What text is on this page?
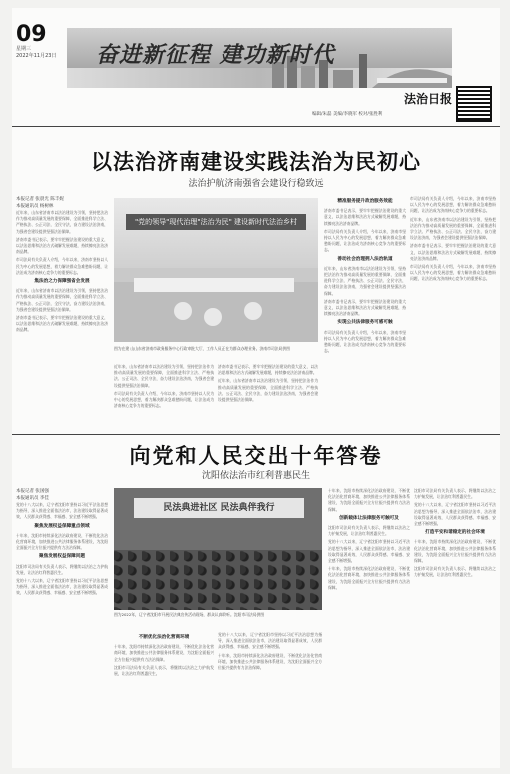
09
星期三
2022年11月23日 奋进新征程 建功新时代
编辑/朱磊 美编/李晓军 校对/张胜利
法治日报
以法治济南建设实践法治为民初心
法治护航济南强省会建设行稳致远
本报记者 张晨光 陈丰妮
本报通讯员 杨树林

近年来，山东省济南市以法治建设为引领，坚持把法治作为推动高质量发展的重要保障，全面推进科学立法、严格执法、公正司法、全民守法，奋力建设法治济南，为强省会建设提供坚强法治保障。

济南市委书记表示，要牢牢把握法治建设的重大意义，以法治思维和法治方式破解发展难题，持续擦亮法治济南品牌。

市司法局有关负责人介绍，今年以来，济南市坚持以人民为中心的发展思想，着力解决群众急难愁盼问题，让法治成为济南核心竞争力的重要标志。

集法治之力保障强省会发展

近年来，山东省济南市以法治建设为引领，坚持把法治作为推动高质量发展的重要保障，全面推进科学立法、严格执法、公正司法、全民守法，奋力建设法治济南，为强省会建设提供坚强法治保障。

济南市委书记表示，要牢牢把握法治建设的重大意义，以法治思维和法治方式破解发展难题，持续擦亮法治济南品牌。

"党的领导"现代治理"法治为民" 建设新时代法治乡村
图为在建 山山东省济南市政务服务中心行政审批大厅，工作人员正在为群众办理业务。济南市司法局供图

近年来，山东省济南市以法治建设为引领，坚持把法治作为推动高质量发展的重要保障，全面推进科学立法、严格执法、公正司法、全民守法，奋力建设法治济南，为强省会建设提供坚强法治保障。

市司法局有关负责人介绍，今年以来，济南市坚持以人民为中心的发展思想，着力解决群众急难愁盼问题，让法治成为济南核心竞争力的重要标志。

济南市委书记表示，要牢牢把握法治建设的重大意义，以法治思维和法治方式破解发展难题，持续擦亮法治济南品牌。

近年来，山东省济南市以法治建设为引领，坚持把法治作为推动高质量发展的重要保障，全面推进科学立法、严格执法、公正司法、全民守法，奋力建设法治济南，为强省会建设提供坚强法治保障。

精准服务提升政治服务效能

济南市委书记表示，要牢牢把握法治建设的重大意义，以法治思维和法治方式破解发展难题，持续擦亮法治济南品牌。

市司法局有关负责人介绍，今年以来，济南市坚持以人民为中心的发展思想，着力解决群众急难愁盼问题，让法治成为济南核心竞争力的重要标志。

善动社会治理拥入法治轨道

近年来，山东省济南市以法治建设为引领，坚持把法治作为推动高质量发展的重要保障，全面推进科学立法、严格执法、公正司法、全民守法，奋力建设法治济南，为强省会建设提供坚强法治保障。

济南市委书记表示，要牢牢把握法治建设的重大意义，以法治思维和法治方式破解发展难题，持续擦亮法治济南品牌。

实现公共法律服务可感可触

市司法局有关负责人介绍，今年以来，济南市坚持以人民为中心的发展思想，着力解决群众急难愁盼问题，让法治成为济南核心竞争力的重要标志。

市司法局有关负责人介绍，今年以来，济南市坚持以人民为中心的发展思想，着力解决群众急难愁盼问题，让法治成为济南核心竞争力的重要标志。

近年来，山东省济南市以法治建设为引领，坚持把法治作为推动高质量发展的重要保障，全面推进科学立法、严格执法、公正司法、全民守法，奋力建设法治济南，为强省会建设提供坚强法治保障。

济南市委书记表示，要牢牢把握法治建设的重大意义，以法治思维和法治方式破解发展难题，持续擦亮法治济南品牌。

市司法局有关负责人介绍，今年以来，济南市坚持以人民为中心的发展思想，着力解决群众急难愁盼问题，让法治成为济南核心竞争力的重要标志。

向党和人民交出十年答卷
沈阳依法治市红利普惠民生
本报记者 张国强
本报通讯员 李佳

党的十八大以来，辽宁省沈阳市坚持以习近平法治思想为指导，深入推进全面依法治市，法治建设取得显著成效，人民群众获得感、幸福感、安全感不断增强。

聚焦发展权益保障重点领域

十年来，沈阳市持续深化法治政府建设，不断优化法治化营商环境，加快推进公共法律服务体系建设，为沈阳全面振兴全方位振兴提供有力法治保障。

聚焦发展权益保障问题

沈阳市司法局有关负责人表示，将继续以法治之力护航发展，让法治红利普惠民生。

党的十八大以来，辽宁省沈阳市坚持以习近平法治思想为指导，深入推进全面依法治市，法治建设取得显著成效，人民群众获得感、幸福感、安全感不断增强。

民法典进社区 民法典伴我行
图为2022年，辽宁省沈阳市开展民法典宣传活动现场，群众认真聆听。沈阳市司法局供图
不断优化法治化营商环境

十年来，沈阳市持续深化法治政府建设，不断优化法治化营商环境，加快推进公共法律服务体系建设，为沈阳全面振兴全方位振兴提供有力法治保障。

沈阳市司法局有关负责人表示，将继续以法治之力护航发展，让法治红利普惠民生。

党的十八大以来，辽宁省沈阳市坚持以习近平法治思想为指导，深入推进全面依法治市，法治建设取得显著成效，人民群众获得感、幸福感、安全感不断增强。

十年来，沈阳市持续深化法治政府建设，不断优化法治化营商环境，加快推进公共法律服务体系建设，为沈阳全面振兴全方位振兴提供有力法治保障。

十年来，沈阳市持续深化法治政府建设，不断优化法治化营商环境，加快推进公共法律服务体系建设，为沈阳全面振兴全方位振兴提供有力法治保障。

创新载体让法律服务可触可及

沈阳市司法局有关负责人表示，将继续以法治之力护航发展，让法治红利普惠民生。

党的十八大以来，辽宁省沈阳市坚持以习近平法治思想为指导，深入推进全面依法治市，法治建设取得显著成效，人民群众获得感、幸福感、安全感不断增强。

十年来，沈阳市持续深化法治政府建设，不断优化法治化营商环境，加快推进公共法律服务体系建设，为沈阳全面振兴全方位振兴提供有力法治保障。

沈阳市司法局有关负责人表示，将继续以法治之力护航发展，让法治红利普惠民生。

党的十八大以来，辽宁省沈阳市坚持以习近平法治思想为指导，深入推进全面依法治市，法治建设取得显著成效，人民群众获得感、幸福感、安全感不断增强。

打造平安和谐稳定的社会环境

十年来，沈阳市持续深化法治政府建设，不断优化法治化营商环境，加快推进公共法律服务体系建设，为沈阳全面振兴全方位振兴提供有力法治保障。

沈阳市司法局有关负责人表示，将继续以法治之力护航发展，让法治红利普惠民生。
